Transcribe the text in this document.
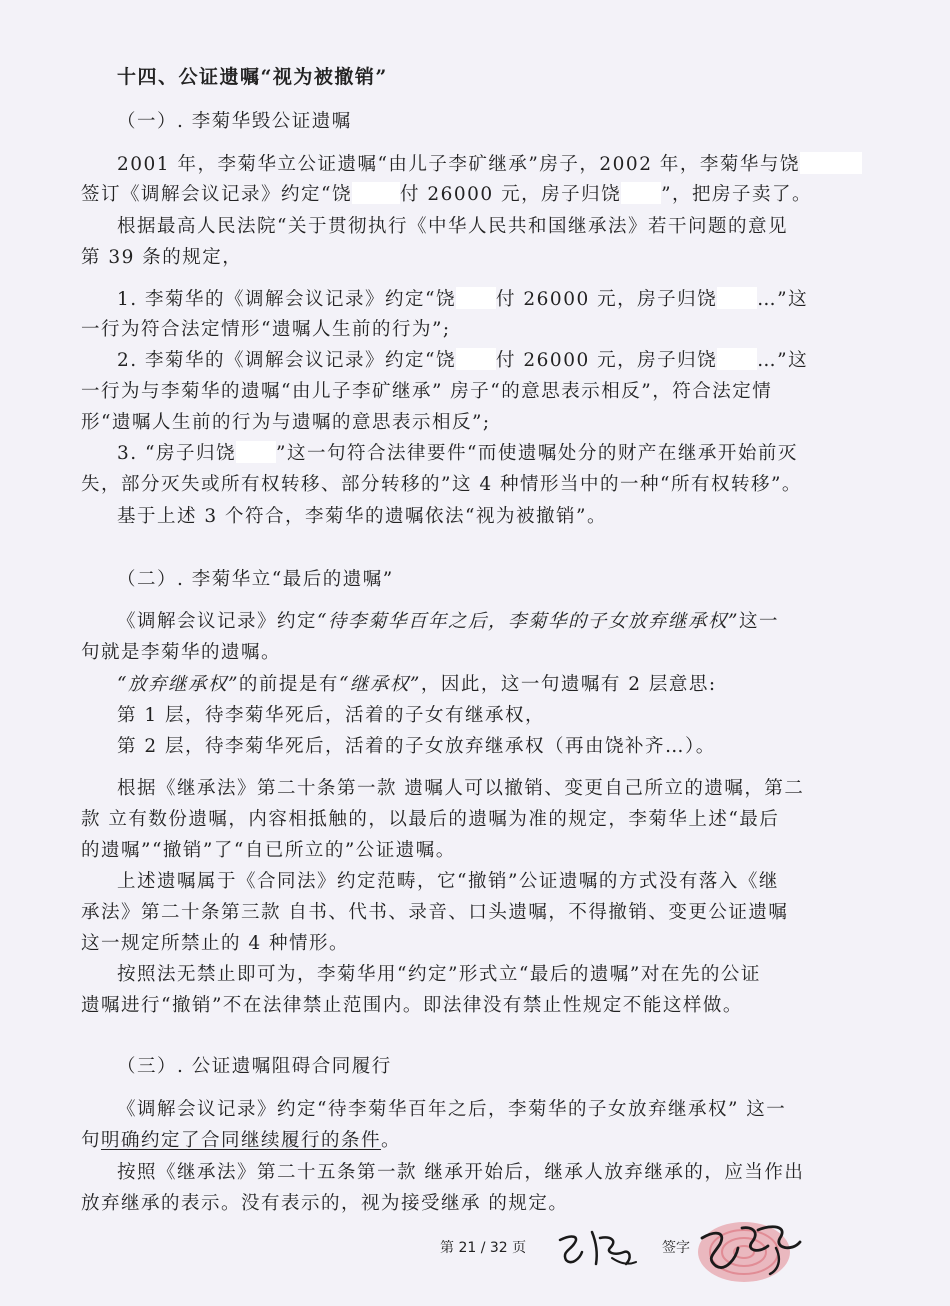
十四、公证遗嘱“视为被撤销”
（一）. 李菊华毁公证遗嘱
2001 年，李菊华立公证遗嘱“由儿子李矿继承”房子，2002 年，李菊华与饶
签订《调解会议记录》约定“饶	付 26000 元，房子归饶 ”，把房子卖了。
根据最高人民法院“关于贯彻执行《中华人民共和国继承法》若干问题的意见
第 39 条的规定，
1. 李菊华的《调解会议记录》约定“饶 付 26000 元，房子归饶 …”这
一行为符合法定情形“遗嘱人生前的行为”;
2. 李菊华的《调解会议记录》约定“饶 付 26000 元，房子归饶 …”这
一行为与李菊华的遗嘱“由儿子李矿继承” 房子“的意思表示相反”，符合法定情
形“遗嘱人生前的行为与遗嘱的意思表示相反”;
3. “房子归饶 ”这一句符合法律要件“而使遗嘱处分的财产在继承开始前灭
失，部分灭失或所有权转移、部分转移的”这 4 种情形当中的一种“所有权转移”。
基于上述 3 个符合，李菊华的遗嘱依法“视为被撤销”。
（二）. 李菊华立“最后的遗嘱”
《调解会议记录》约定“待李菊华百年之后，李菊华的子女放弃继承权”这一
句就是李菊华的遗嘱。
“放弃继承权”的前提是有“继承权”，因此，这一句遗嘱有 2 层意思:
第 1 层，待李菊华死后，活着的子女有继承权，
第 2 层，待李菊华死后，活着的子女放弃继承权（再由饶补齐…）。
根据《继承法》第二十条第一款 遗嘱人可以撤销、变更自己所立的遗嘱，第二
款 立有数份遗嘱，内容相抵触的，以最后的遗嘱为准的规定，李菊华上述“最后
的遗嘱”“撤销”了“自已所立的”公证遗嘱。
上述遗嘱属于《合同法》约定范畴，它“撤销”公证遗嘱的方式没有落入《继
承法》第二十条第三款 自书、代书、录音、口头遗嘱，不得撤销、变更公证遗嘱
这一规定所禁止的 4 种情形。
按照法无禁止即可为，李菊华用“约定”形式立“最后的遗嘱”对在先的公证
遗嘱进行“撤销”不在法律禁止范围内。即法律没有禁止性规定不能这样做。
（三）. 公证遗嘱阻碍合同履行
《调解会议记录》约定“待李菊华百年之后，李菊华的子女放弃继承权” 这一
句明确约定了合同继续履行的条件。
按照《继承法》第二十五条第一款 继承开始后，继承人放弃继承的，应当作出
放弃继承的表示。没有表示的，视为接受继承 的规定。
第 21 / 32 页	签字
